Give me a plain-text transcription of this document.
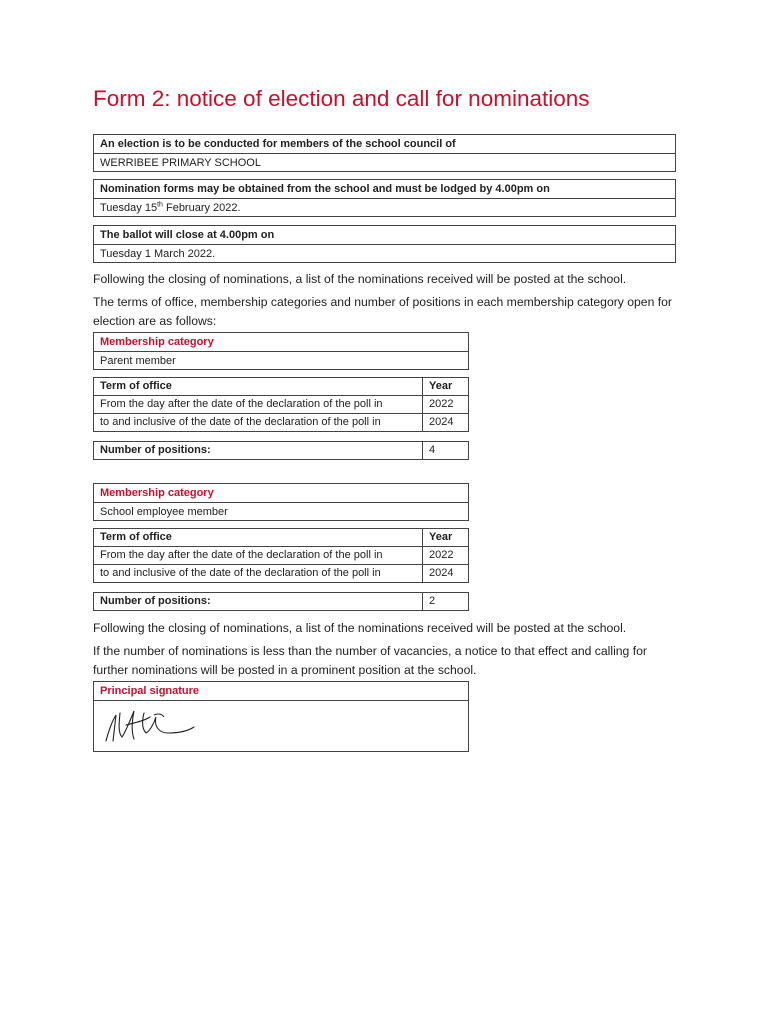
Form 2: notice of election and call for nominations
An election is to be conducted for members of the school council of
WERRIBEE PRIMARY SCHOOL
Nomination forms may be obtained from the school and must be lodged by 4.00pm on
Tuesday 15th February 2022.
The ballot will close at 4.00pm on
Tuesday 1 March 2022.

Following the closing of nominations, a list of the nominations received will be posted at the school.

The terms of office, membership categories and number of positions in each membership category open for election are as follows:

Membership category
Parent member
Term of office	Year
From the day after the date of the declaration of the poll in	2022
to and inclusive of the date of the declaration of the poll in	2024
Number of positions:	4
Membership category
School employee member
Term of office	Year
From the day after the date of the declaration of the poll in	2022
to and inclusive of the date of the declaration of the poll in	2024
Number of positions:	2

Following the closing of nominations, a list of the nominations received will be posted at the school.

If the number of nominations is less than the number of vacancies, a notice to that effect and calling for further nominations will be posted in a prominent position at the school.

Principal signature
